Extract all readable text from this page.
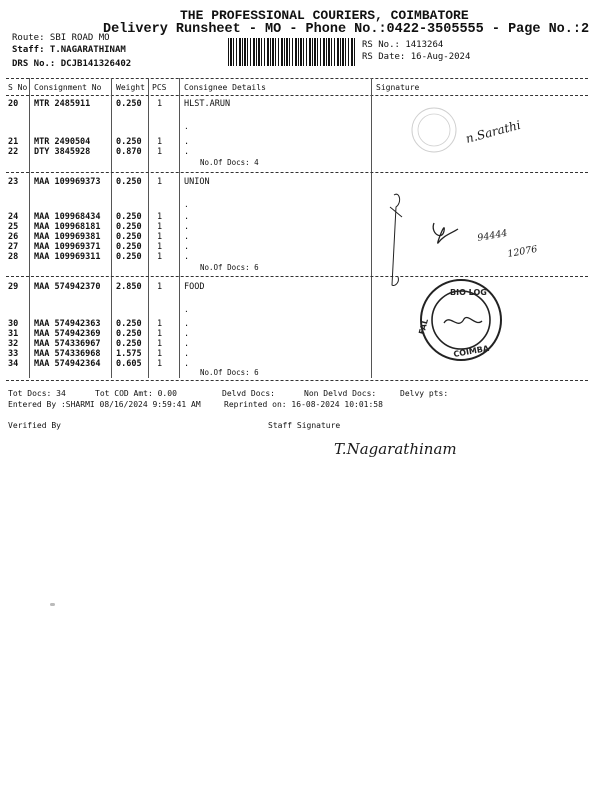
THE PROFESSIONAL COURIERS, COIMBATORE
Delivery Runsheet - MO - Phone No.:0422-3505555 - Page No.:2
Route: SBI ROAD MO
Staff: T.NAGARATHINAM
DRS No.: DCJB141326402
RS No.: 1413264
RS Date: 16-Aug-2024
S No Consignment No Weight PCS Consignee Details	Signature
20 MTR 2485911	0.250 1	HLST.ARUN
.
21 MTR 2490504	0.250 1	.
22 DTY 3845928	0.870 1	.
No.Of Docs: 4
23 MAA 109969373 0.250 1	UNION
.
24 MAA 109968434 0.250 1	.
25 MAA 109968181 0.250 1	.
26 MAA 109969381 0.250 1	.
27 MAA 109969371 0.250 1	.
28 MAA 109969311 0.250 1	.
No.Of Docs: 6
29 MAA 574942370 2.850 1	FOOD
.
30 MAA 574942363 0.250 1	.
31 MAA 574942369 0.250 1	.
32 MAA 574336967 0.250 1	.
33 MAA 574336968 1.575 1	.
34 MAA 574942364 0.605 1	.
No.Of Docs: 6
n.Sarathi
94444
12076
BIO LOG
FAL
COIMBA
Tot Docs: 34	Tot COD Amt: 0.00	Delvd Docs:	Non Delvd Docs:	Delvy pts:
Entered By :SHARMI 08/16/2024 9:59:41 AM	Reprinted on: 16-08-2024 10:01:58
Verified By	Staff Signature
T.Nagarathinam
